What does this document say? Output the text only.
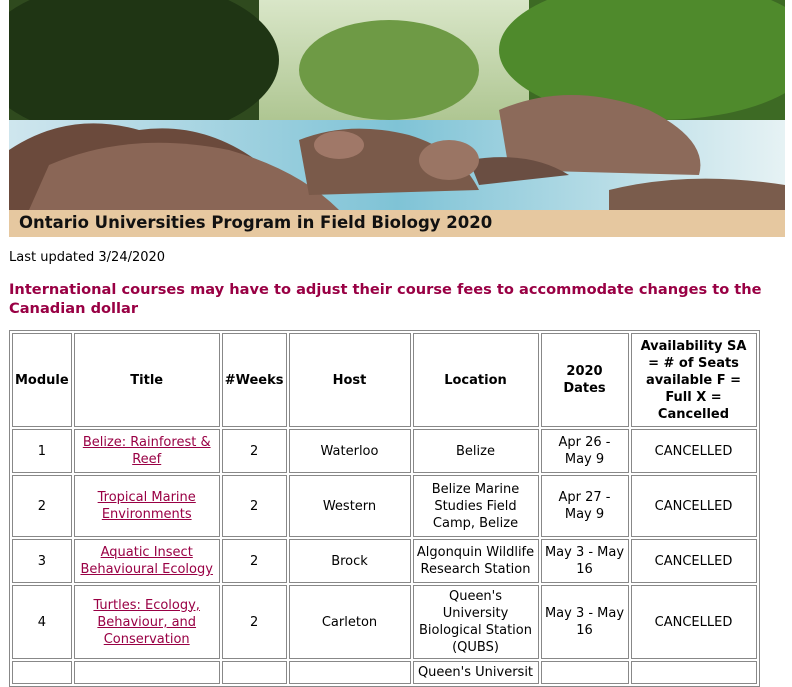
Ontario Universities Program in Field Biology 2020
Last updated 3/24/2020
International courses may have to adjust their course fees to accommodate changes to the Canadian dollar
Module	Title	#Weeks	Host	Location	2020 Dates	Availability SA = # of Seats available F = Full X = Cancelled
1	Belize: Rainforest & Reef	2	Waterloo	Belize	Apr 26 - May 9	CANCELLED
2	Tropical Marine Environments	2	Western	Belize Marine Studies Field Camp, Belize	Apr 27 - May 9	CANCELLED
3	Aquatic Insect Behavioural Ecology	2	Brock	Algonquin Wildlife Research Station	May 3 - May 16	CANCELLED
4	Turtles: Ecology, Behaviour, and Conservation	2	Carleton	Queen's University Biological Station (QUBS)	May 3 - May 16	CANCELLED
				Queen's Universit		
